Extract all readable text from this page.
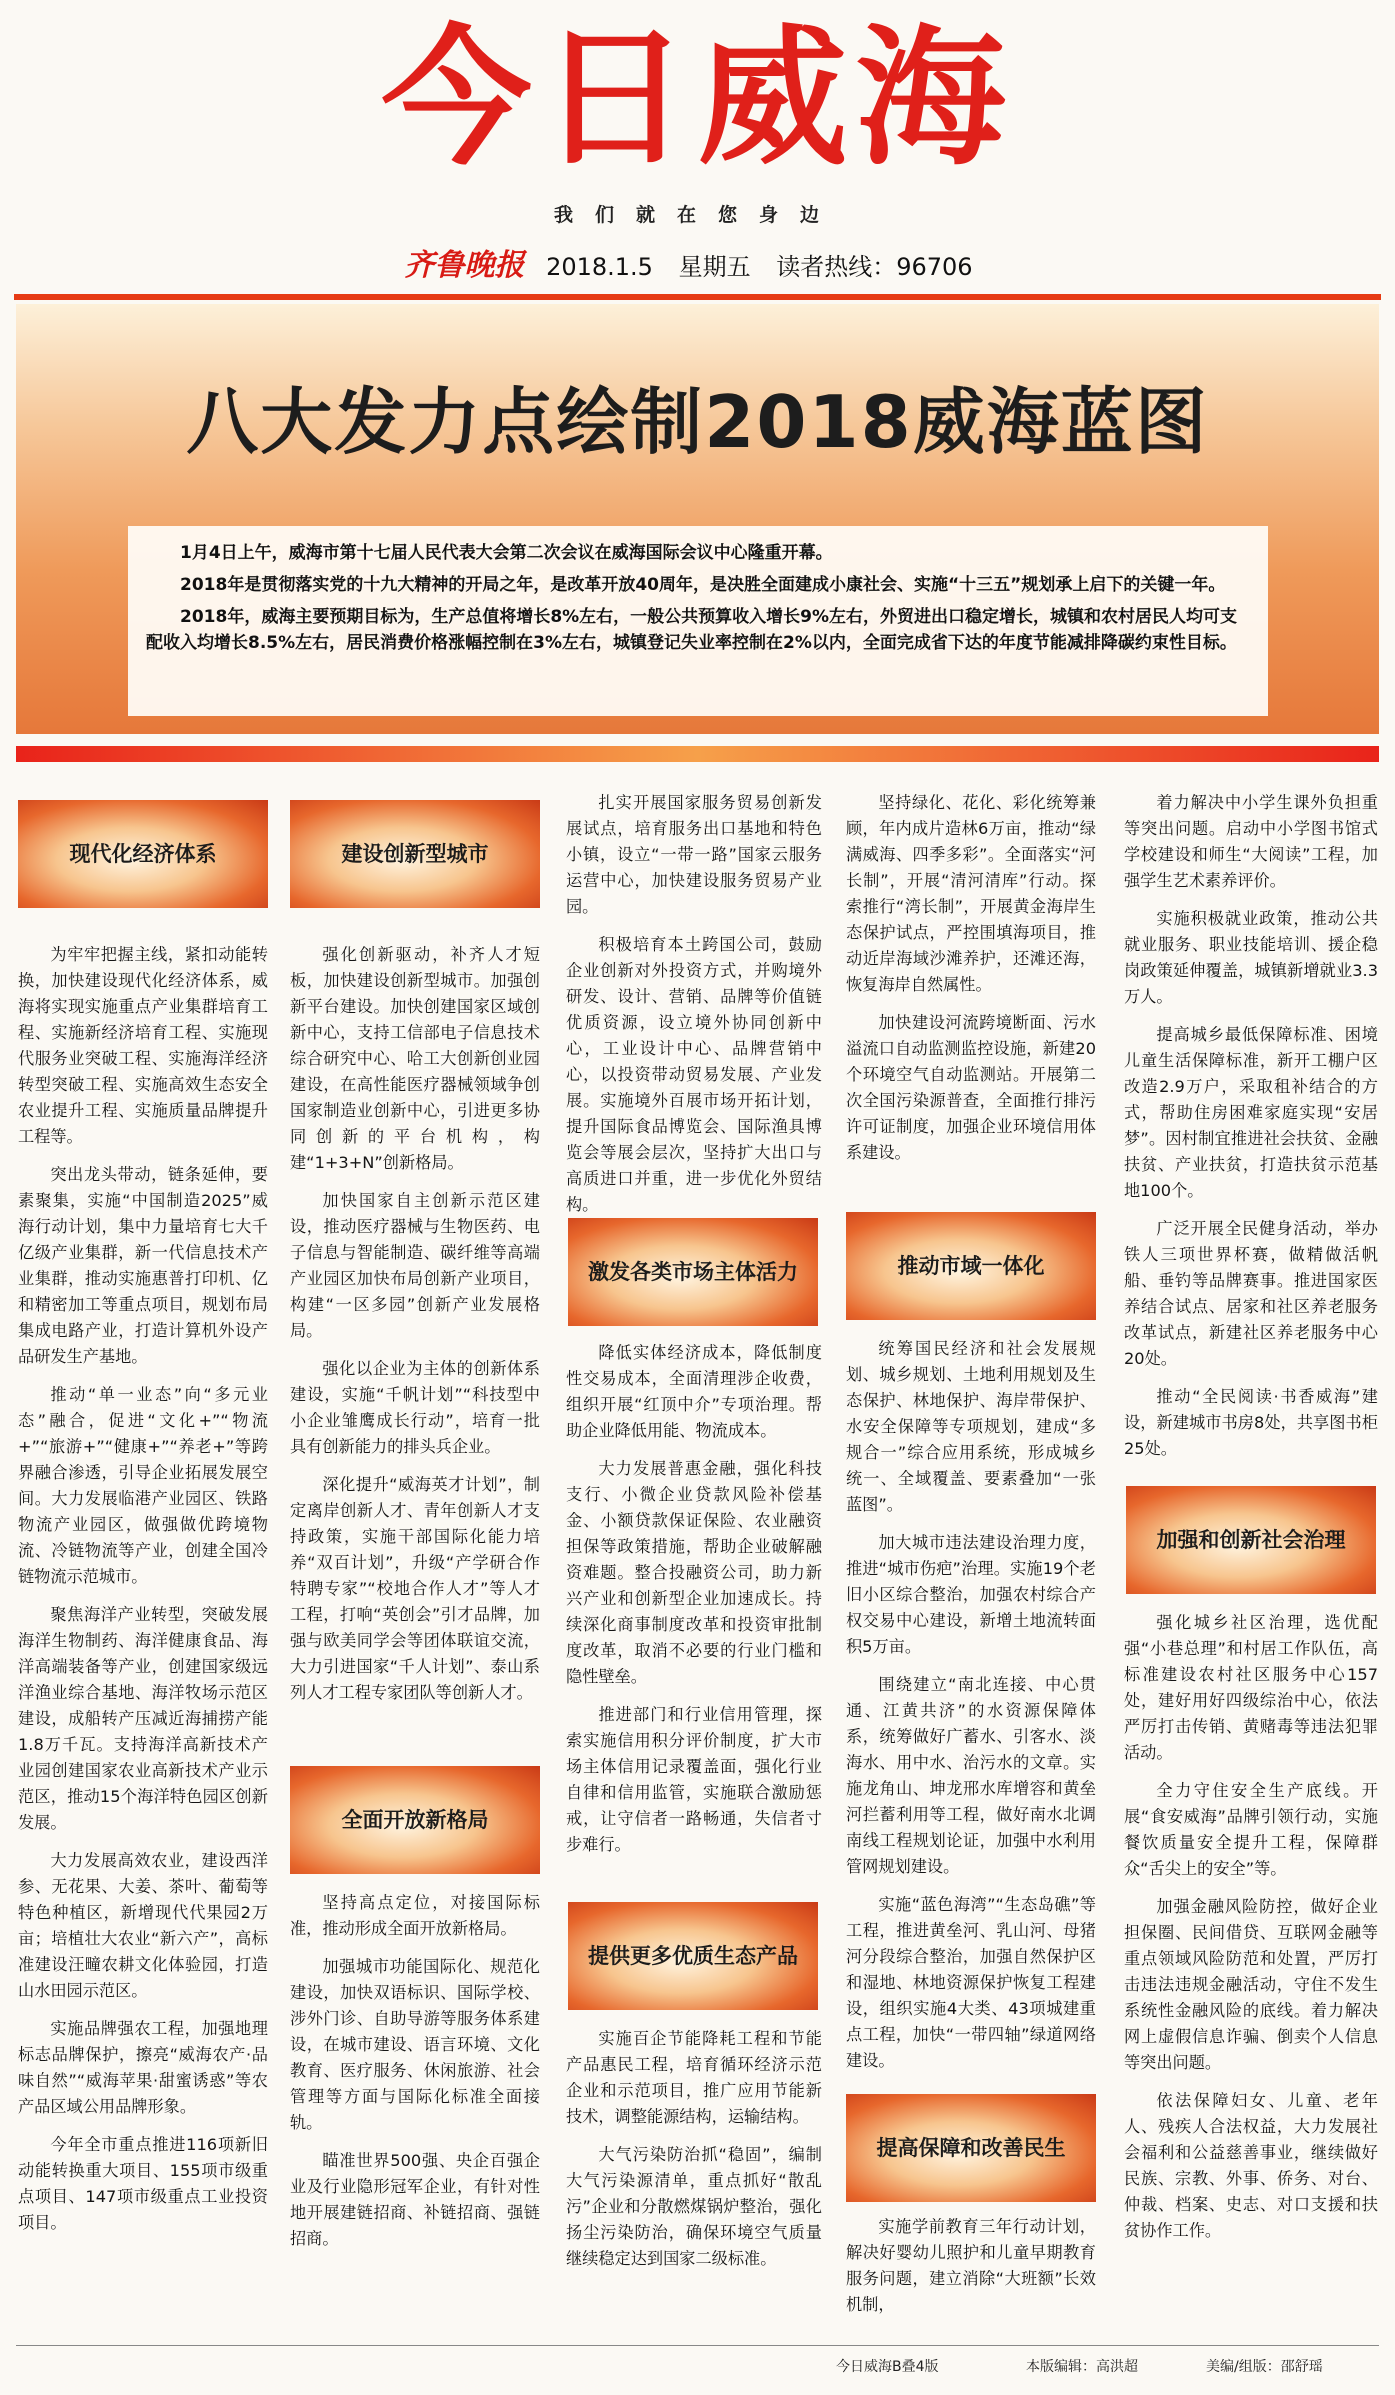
今日威海
我们就在您身边
齐鲁晚报 2018.1.5 星期五 读者热线：96706
八大发力点绘制2018威海蓝图

1月4日上午，威海市第十七届人民代表大会第二次会议在威海国际会议中心隆重开幕。

2018年是贯彻落实党的十九大精神的开局之年，是改革开放40周年，是决胜全面建成小康社会、实施“十三五”规划承上启下的关键一年。

2018年，威海主要预期目标为，生产总值将增长8%左右，一般公共预算收入增长9%左右，外贸进出口稳定增长，城镇和农村居民人均可支配收入均增长8.5%左右，居民消费价格涨幅控制在3%左右，城镇登记失业率控制在2%以内，全面完成省下达的年度节能减排降碳约束性目标。

现代化经济体系

为牢牢把握主线，紧扣动能转换，加快建设现代化经济体系，威海将实现实施重点产业集群培育工程、实施新经济培育工程、实施现代服务业突破工程、实施海洋经济转型突破工程、实施高效生态安全农业提升工程、实施质量品牌提升工程等。

突出龙头带动，链条延伸，要素聚集，实施“中国制造2025”威海行动计划，集中力量培育七大千亿级产业集群，新一代信息技术产业集群，推动实施惠普打印机、亿和精密加工等重点项目，规划布局集成电路产业，打造计算机外设产品研发生产基地。

推动“单一业态”向“多元业态”融合，促进“文化+”“物流+”“旅游+”“健康+”“养老+”等跨界融合渗透，引导企业拓展发展空间。大力发展临港产业园区、铁路物流产业园区，做强做优跨境物流、冷链物流等产业，创建全国冷链物流示范城市。

聚焦海洋产业转型，突破发展海洋生物制药、海洋健康食品、海洋高端装备等产业，创建国家级远洋渔业综合基地、海洋牧场示范区建设，成船转产压减近海捕捞产能1.8万千瓦。支持海洋高新技术产业园创建国家农业高新技术产业示范区，推动15个海洋特色园区创新发展。

大力发展高效农业，建设西洋参、无花果、大姜、茶叶、葡萄等特色种植区，新增现代代果园2万亩；培植壮大农业“新六产”，高标准建设汪疃农耕文化体验园，打造山水田园示范区。

实施品牌强农工程，加强地理标志品牌保护，擦亮“威海农产·品味自然”“威海苹果·甜蜜诱惑”等农产品区域公用品牌形象。

今年全市重点推进116项新旧动能转换重大项目、155项市级重点项目、147项市级重点工业投资项目。

建设创新型城市

强化创新驱动，补齐人才短板，加快建设创新型城市。加强创新平台建设。加快创建国家区域创新中心，支持工信部电子信息技术综合研究中心、哈工大创新创业园建设，在高性能医疗器械领域争创国家制造业创新中心，引进更多协同创新的平台机构，构建“1+3+N”创新格局。

加快国家自主创新示范区建设，推动医疗器械与生物医药、电子信息与智能制造、碳纤维等高端产业园区加快布局创新产业项目，构建“一区多园”创新产业发展格局。

强化以企业为主体的创新体系建设，实施“千帆计划”“科技型中小企业雏鹰成长行动”，培育一批具有创新能力的排头兵企业。

深化提升“威海英才计划”，制定离岸创新人才、青年创新人才支持政策，实施干部国际化能力培养“双百计划”，升级“产学研合作特聘专家”“校地合作人才”等人才工程，打响“英创会”引才品牌，加强与欧美同学会等团体联谊交流，大力引进国家“千人计划”、泰山系列人才工程专家团队等创新人才。

全面开放新格局

坚持高点定位，对接国际标准，推动形成全面开放新格局。

加强城市功能国际化、规范化建设，加快双语标识、国际学校、涉外门诊、自助导游等服务体系建设，在城市建设、语言环境、文化教育、医疗服务、休闲旅游、社会管理等方面与国际化标准全面接轨。

瞄准世界500强、央企百强企业及行业隐形冠军企业，有针对性地开展建链招商、补链招商、强链招商。

扎实开展国家服务贸易创新发展试点，培育服务出口基地和特色小镇，设立“一带一路”国家云服务运营中心，加快建设服务贸易产业园。

积极培育本土跨国公司，鼓励企业创新对外投资方式，并购境外研发、设计、营销、品牌等价值链优质资源，设立境外协同创新中心，工业设计中心、品牌营销中心，以投资带动贸易发展、产业发展。实施境外百展市场开拓计划，提升国际食品博览会、国际渔具博览会等展会层次，坚持扩大出口与高质进口并重，进一步优化外贸结构。

激发各类市场主体活力

降低实体经济成本，降低制度性交易成本，全面清理涉企收费，组织开展“红顶中介”专项治理。帮助企业降低用能、物流成本。

大力发展普惠金融，强化科技支行、小微企业贷款风险补偿基金、小额贷款保证保险、农业融资担保等政策措施，帮助企业破解融资难题。整合投融资公司，助力新兴产业和创新型企业加速成长。持续深化商事制度改革和投资审批制度改革，取消不必要的行业门槛和隐性壁垒。

推进部门和行业信用管理，探索实施信用积分评价制度，扩大市场主体信用记录覆盖面，强化行业自律和信用监管，实施联合激励惩戒，让守信者一路畅通，失信者寸步难行。

提供更多优质生态产品

实施百企节能降耗工程和节能产品惠民工程，培育循环经济示范企业和示范项目，推广应用节能新技术，调整能源结构，运输结构。

大气污染防治抓“稳固”，编制大气污染源清单，重点抓好“散乱污”企业和分散燃煤锅炉整治，强化扬尘污染防治，确保环境空气质量继续稳定达到国家二级标准。

坚持绿化、花化、彩化统筹兼顾，年内成片造林6万亩，推动“绿满威海、四季多彩”。全面落实“河长制”，开展“清河清库”行动。探索推行“湾长制”，开展黄金海岸生态保护试点，严控围填海项目，推动近岸海域沙滩养护，还滩还海，恢复海岸自然属性。

加快建设河流跨境断面、污水溢流口自动监测监控设施，新建20个环境空气自动监测站。开展第二次全国污染源普查，全面推行排污许可证制度，加强企业环境信用体系建设。

推动市域一体化

统筹国民经济和社会发展规划、城乡规划、土地利用规划及生态保护、林地保护、海岸带保护、水安全保障等专项规划，建成“多规合一”综合应用系统，形成城乡统一、全域覆盖、要素叠加“一张蓝图”。

加大城市违法建设治理力度，推进“城市伤疤”治理。实施19个老旧小区综合整治，加强农村综合产权交易中心建设，新增土地流转面积5万亩。

围绕建立“南北连接、中心贯通、江黄共济”的水资源保障体系，统筹做好广蓄水、引客水、淡海水、用中水、治污水的文章。实施龙角山、坤龙邢水库增容和黄垒河拦蓄利用等工程，做好南水北调南线工程规划论证，加强中水利用管网规划建设。

实施“蓝色海湾”“生态岛礁”等工程，推进黄垒河、乳山河、母猪河分段综合整治，加强自然保护区和湿地、林地资源保护恢复工程建设，组织实施4大类、43项城建重点工程，加快“一带四轴”绿道网络建设。

提高保障和改善民生

实施学前教育三年行动计划，解决好婴幼儿照护和儿童早期教育服务问题，建立消除“大班额”长效机制，

着力解决中小学生课外负担重等突出问题。启动中小学图书馆式学校建设和师生“大阅读”工程，加强学生艺术素养评价。

实施积极就业政策，推动公共就业服务、职业技能培训、援企稳岗政策延伸覆盖，城镇新增就业3.3万人。

提高城乡最低保障标准、困境儿童生活保障标准，新开工棚户区改造2.9万户，采取租补结合的方式，帮助住房困难家庭实现“安居梦”。因村制宜推进社会扶贫、金融扶贫、产业扶贫，打造扶贫示范基地100个。

广泛开展全民健身活动，举办铁人三项世界杯赛，做精做活帆船、垂钓等品牌赛事。推进国家医养结合试点、居家和社区养老服务改革试点，新建社区养老服务中心20处。

推动“全民阅读·书香威海”建设，新建城市书房8处，共享图书柜25处。

加强和创新社会治理

强化城乡社区治理，选优配强“小巷总理”和村居工作队伍，高标准建设农村社区服务中心157处，建好用好四级综治中心，依法严厉打击传销、黄赌毒等违法犯罪活动。

全力守住安全生产底线。开展“食安威海”品牌引领行动，实施餐饮质量安全提升工程，保障群众“舌尖上的安全”等。

加强金融风险防控，做好企业担保圈、民间借贷、互联网金融等重点领域风险防范和处置，严厉打击违法违规金融活动，守住不发生系统性金融风险的底线。着力解决网上虚假信息诈骗、倒卖个人信息等突出问题。

依法保障妇女、儿童、老年人、残疾人合法权益，大力发展社会福利和公益慈善事业，继续做好民族、宗教、外事、侨务、对台、仲裁、档案、史志、对口支援和扶贫协作工作。

今日威海B叠4版	本版编辑：高洪超	美编/组版：邵舒瑶
